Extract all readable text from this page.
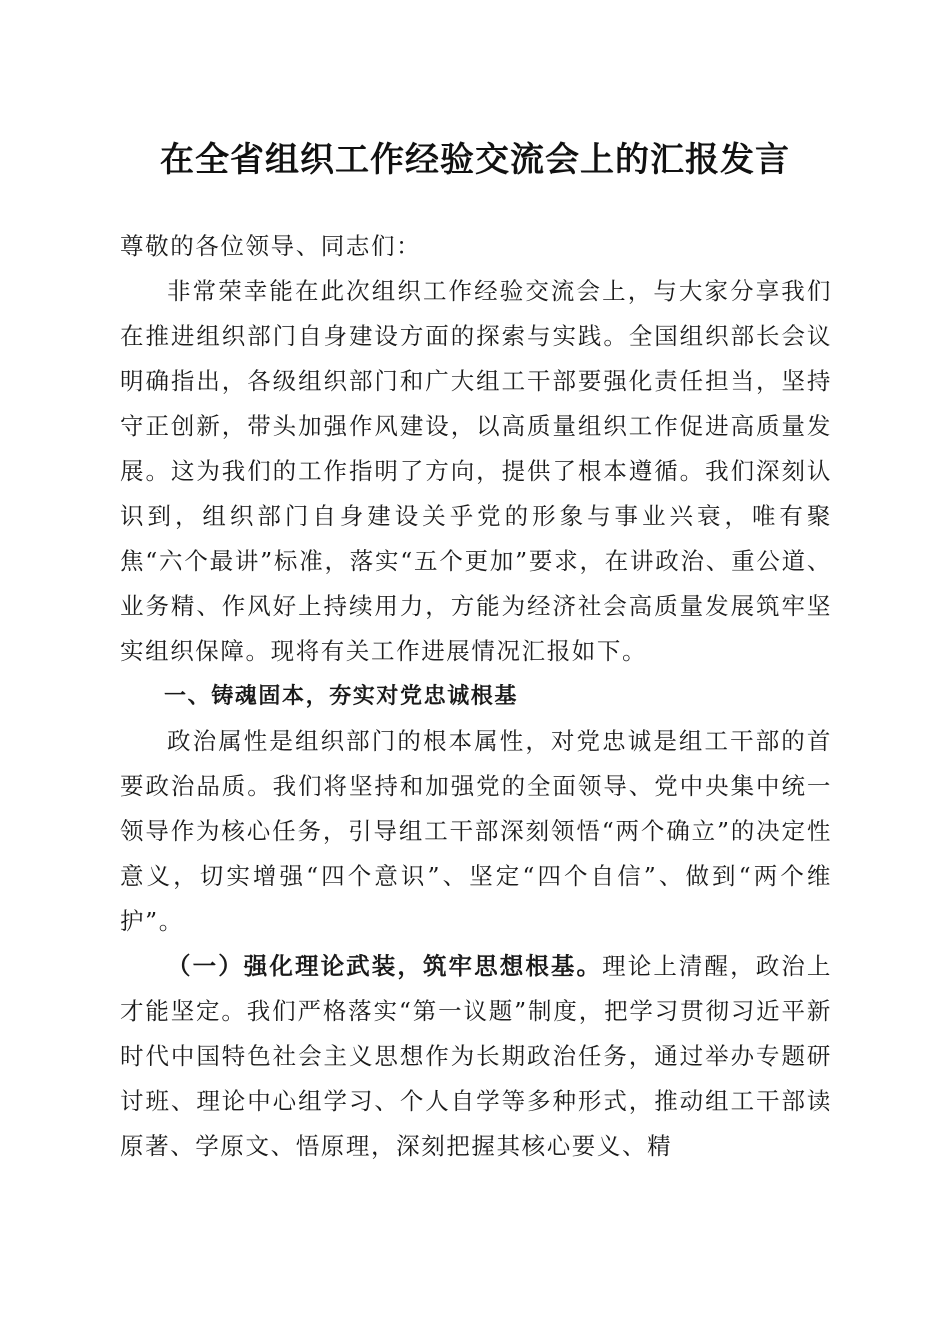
在全省组织工作经验交流会上的汇报发言

尊敬的各位领导、同志们：

非常荣幸能在此次组织工作经验交流会上，与大家分享我们在推进组织部门自身建设方面的探索与实践。全国组织部长会议明确指出，各级组织部门和广大组工干部要强化责任担当，坚持守正创新，带头加强作风建设，以高质量组织工作促进高质量发展。这为我们的工作指明了方向，提供了根本遵循。我们深刻认识到，组织部门自身建设关乎党的形象与事业兴衰，唯有聚焦“六个最讲”标准，落实“五个更加”要求，在讲政治、重公道、业务精、作风好上持续用力，方能为经济社会高质量发展筑牢坚实组织保障。现将有关工作进展情况汇报如下。

一、铸魂固本，夯实对党忠诚根基

政治属性是组织部门的根本属性，对党忠诚是组工干部的首要政治品质。我们将坚持和加强党的全面领导、党中央集中统一领导作为核心任务，引导组工干部深刻领悟“两个确立”的决定性意义，切实增强“四个意识”、坚定“四个自信”、做到“两个维护”。

（一）强化理论武装，筑牢思想根基。理论上清醒，政治上才能坚定。我们严格落实“第一议题”制度，把学习贯彻习近平新时代中国特色社会主义思想作为长期政治任务，通过举办专题研讨班、理论中心组学习、个人自学等多种形式，推动组工干部读原著、学原文、悟原理，深刻把握其核心要义、精
